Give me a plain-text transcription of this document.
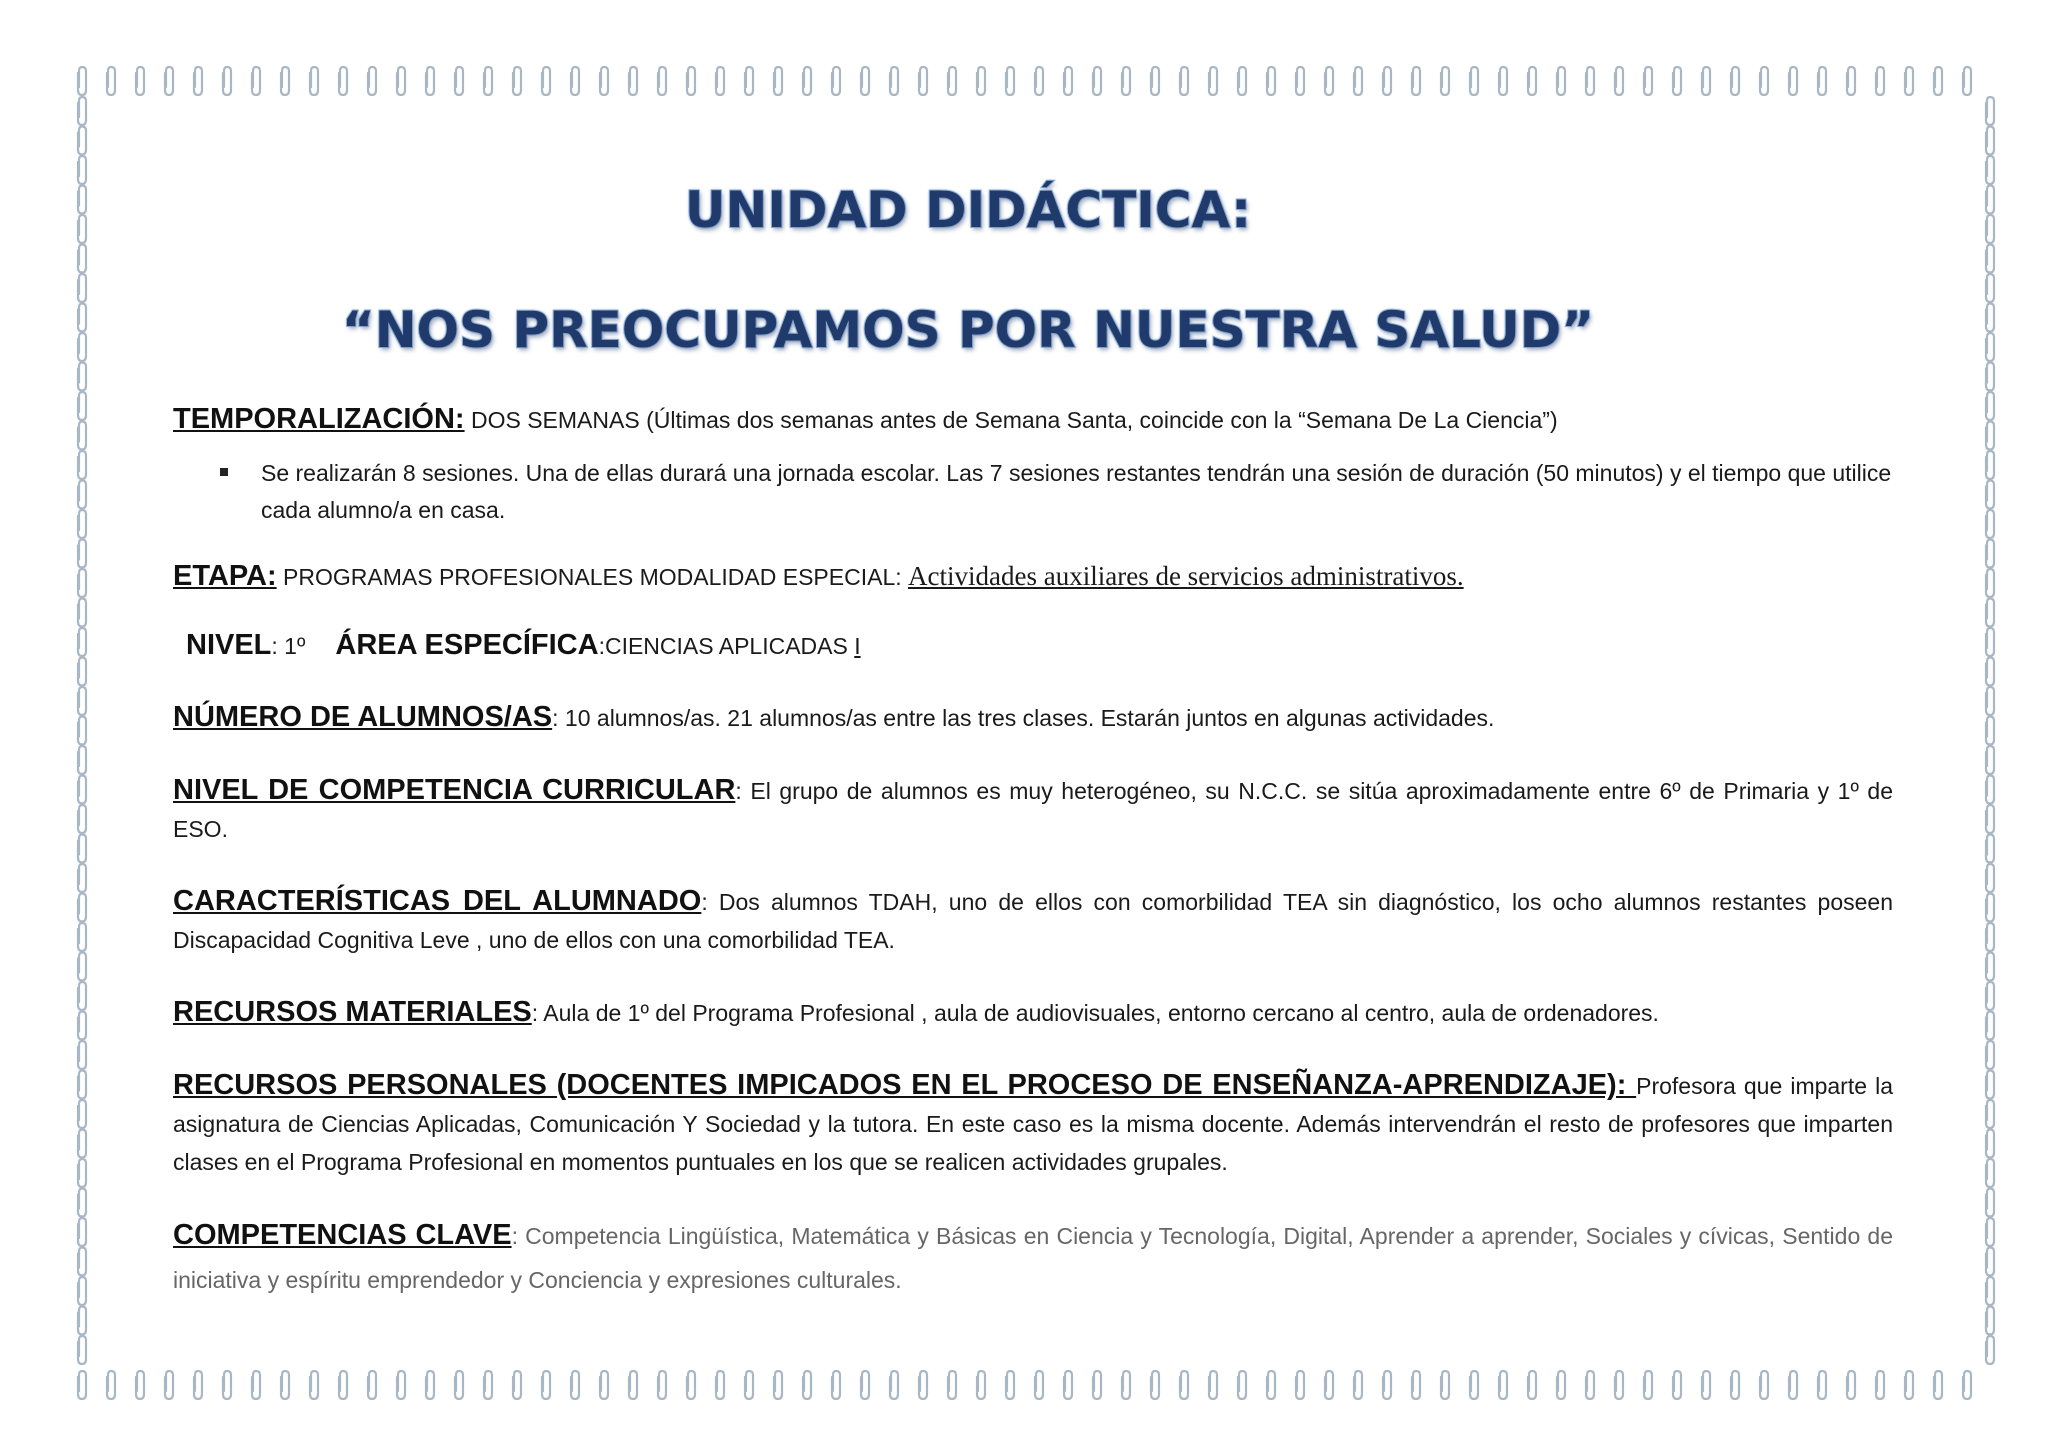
UNIDAD DIDÁCTICA:
“NOS PREOCUPAMOS POR NUESTRA SALUD”

TEMPORALIZACIÓN: DOS SEMANAS (Últimas dos semanas antes de Semana Santa, coincide con la “Semana De La Ciencia”)

Se realizarán 8 sesiones. Una de ellas durará una jornada escolar. Las 7 sesiones restantes tendrán una sesión de duración (50 minutos) y el tiempo que utilice cada alumno/a en casa.

ETAPA: PROGRAMAS PROFESIONALES MODALIDAD ESPECIAL: Actividades auxiliares de servicios administrativos.

NIVEL: 1º ÁREA ESPECÍFICA:CIENCIAS APLICADAS I

NÚMERO DE ALUMNOS/AS: 10 alumnos/as. 21 alumnos/as entre las tres clases. Estarán juntos en algunas actividades.

NIVEL DE COMPETENCIA CURRICULAR: El grupo de alumnos es muy heterogéneo, su N.C.C. se sitúa aproximadamente entre 6º de Primaria y 1º de ESO.

CARACTERÍSTICAS DEL ALUMNADO: Dos alumnos TDAH, uno de ellos con comorbilidad TEA sin diagnóstico, los ocho alumnos restantes poseen Discapacidad Cognitiva Leve , uno de ellos con una comorbilidad TEA.

RECURSOS MATERIALES: Aula de 1º del Programa Profesional , aula de audiovisuales, entorno cercano al centro, aula de ordenadores.

RECURSOS PERSONALES (DOCENTES IMPICADOS EN EL PROCESO DE ENSEÑANZA-APRENDIZAJE): Profesora que imparte la asignatura de Ciencias Aplicadas, Comunicación Y Sociedad y la tutora. En este caso es la misma docente. Además intervendrán el resto de profesores que imparten clases en el Programa Profesional en momentos puntuales en los que se realicen actividades grupales.

COMPETENCIAS CLAVE: Competencia Lingüística, Matemática y Básicas en Ciencia y Tecnología, Digital, Aprender a aprender, Sociales y cívicas, Sentido de iniciativa y espíritu emprendedor y Conciencia y expresiones culturales.
